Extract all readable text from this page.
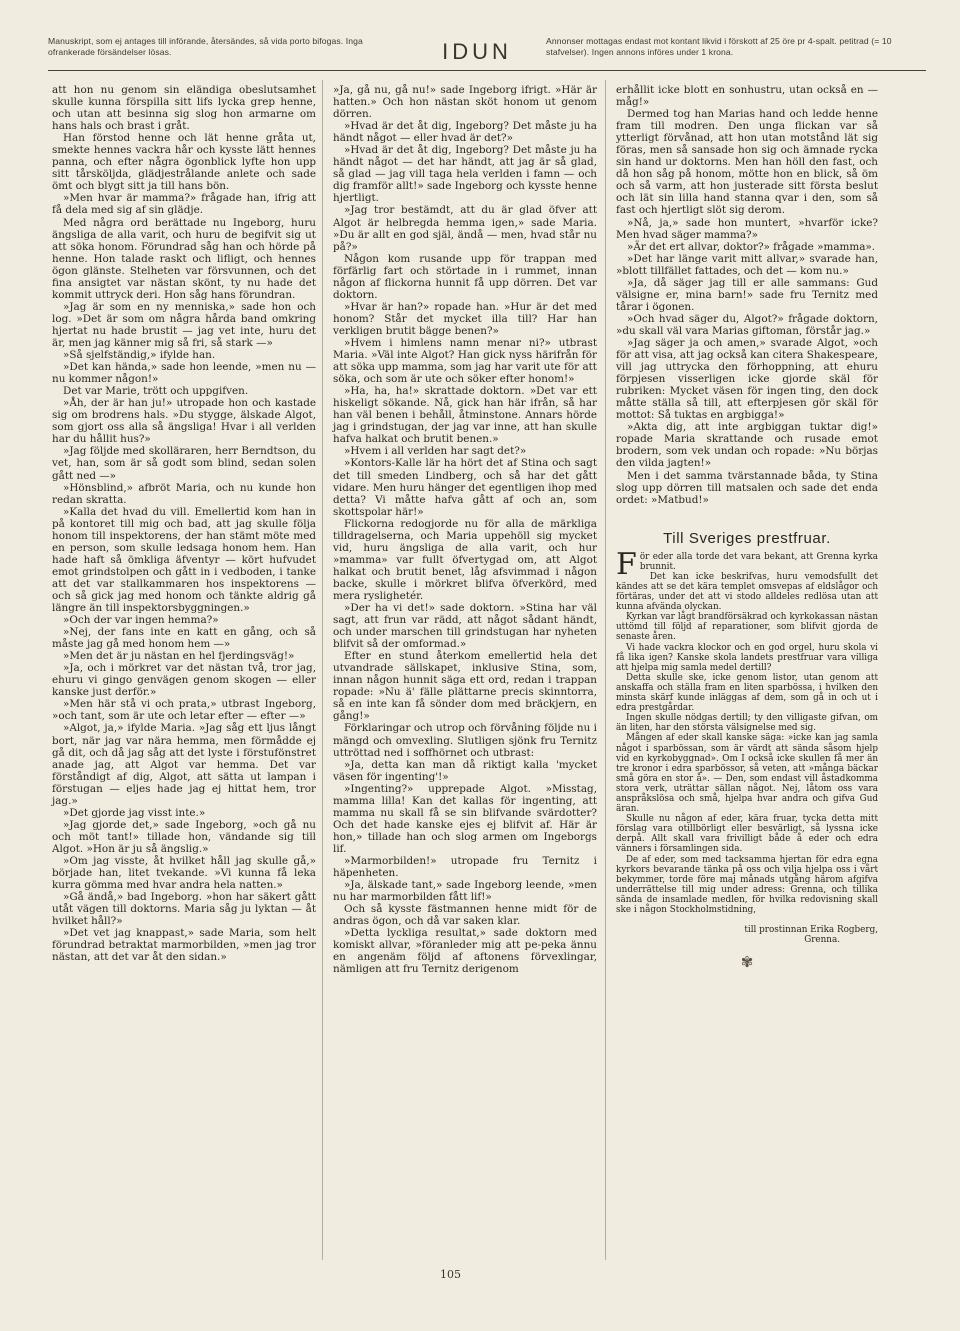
Manuskript, som ej antages till införande, återsändes, så vida porto bifogas. Inga ofrankerade försändelser lösas.	IDUN	Annonser mottagas endast mot kontant likvid i förskott af 25 öre pr 4-spalt. petitrad (= 10 stafvelser). Ingen annons införes under 1 krona.

att hon nu genom sin eländiga obeslutsamhet skulle kunna förspilla sitt lifs lycka grep henne, och utan att besinna sig slog hon armarne om hans hals och brast i gråt.

Han förstod henne och lät henne gråta ut, smekte hennes vackra hår och kysste lätt hennes panna, och efter några ögonblick lyfte hon upp sitt tårsköljda, glädjestrålande anlete och sade ömt och blygt sitt ja till hans bön.

»Men hvar är mamma?» frågade han, ifrig att få dela med sig af sin glädje.

Med några ord berättade nu Ingeborg, huru ängsliga de alla varit, och huru de begifvit sig ut att söka honom. Förundrad såg han och hörde på henne. Hon talade raskt och lifligt, och hennes ögon glänste. Stelheten var försvunnen, och det fina ansigtet var nästan skönt, ty nu hade det kommit uttryck deri. Hon såg hans förundran.

»Jag är som en ny menniska,» sade hon och log. »Det är som om några hårda band omkring hjertat nu hade brustit — jag vet inte, huru det är, men jag känner mig så fri, så stark —»

»Så sjelfständig,» ifylde han.

»Det kan hända,» sade hon leende, »men nu — nu kommer någon!»

Det var Marie, trött och uppgifven.

»Åh, der är han ju!» utropade hon och kastade sig om brodrens hals. »Du stygge, älskade Algot, som gjort oss alla så ängsliga! Hvar i all verlden har du hållit hus?»

»Jag följde med skolläraren, herr Berndtson, du vet, han, som är så godt som blind, sedan solen gått ned —»

»Hönsblind,» afbröt Maria, och nu kunde hon redan skratta.

»Kalla det hvad du vill. Emellertid kom han in på kontoret till mig och bad, att jag skulle följa honom till inspektorens, der han stämt möte med en person, som skulle ledsaga honom hem. Han hade haft så ömkliga äfventyr — kört hufvudet emot grindstolpen och gått in i vedboden, i tanke att det var stallkammaren hos inspektorens — och så gick jag med honom och tänkte aldrig gå längre än till inspektorsbyggningen.»

»Och der var ingen hemma?»

»Nej, der fans inte en katt en gång, och så måste jag gå med honom hem —»

»Men det är ju nästan en hel fjerdingsväg!»

»Ja, och i mörkret var det nästan två, tror jag, ehuru vi gingo genvägen genom skogen — eller kanske just derför.»

»Men här stå vi och prata,» utbrast Ingeborg, »och tant, som är ute och letar efter — efter —»

»Algot, ja,» ifylde Maria. »Jag såg ett ljus långt bort, när jag var nära hemma, men förmådde ej gå dit, och då jag såg att det lyste i förstufönstret anade jag, att Algot var hemma. Det var förståndigt af dig, Algot, att sätta ut lampan i förstugan — eljes hade jag ej hittat hem, tror jag.»

»Det gjorde jag visst inte.»

»Jag gjorde det,» sade Ingeborg, »och gå nu och möt tant!» tillade hon, vändande sig till Algot. »Hon är ju så ängslig.»

»Om jag visste, åt hvilket håll jag skulle gå,» började han, litet tvekande. »Vi kunna få leka kurra gömma med hvar andra hela natten.»

»Gå ändå,» bad Ingeborg. »hon har säkert gått utåt vägen till doktorns. Maria såg ju lyktan — åt hvilket håll?»

»Det vet jag knappast,» sade Maria, som helt förundrad betraktat marmorbilden, »men jag tror nästan, att det var åt den sidan.»

»Ja, gå nu, gå nu!» sade Ingeborg ifrigt. »Här är hatten.» Och hon nästan sköt honom ut genom dörren.

»Hvad är det åt dig, Ingeborg? Det måste ju ha händt något — eller hvad är det?»

»Hvad är det åt dig, Ingeborg? Det måste ju ha händt något — det har händt, att jag är så glad, så glad — jag vill taga hela verlden i famn — och dig framför allt!» sade Ingeborg och kysste henne hjertligt.

»Jag tror bestämdt, att du är glad öfver att Algot är helbregda hemma igen,» sade Maria. »Du är allt en god själ, ändå — men, hvad står nu på?»

Någon kom rusande upp för trappan med förfärlig fart och störtade in i rummet, innan någon af flickorna hunnit få upp dörren. Det var doktorn.

»Hvar är han?» ropade han. »Hur är det med honom? Står det mycket illa till? Har han verkligen brutit bägge benen?»

»Hvem i himlens namn menar ni?» utbrast Maria. »Väl inte Algot? Han gick nyss härifrån för att söka upp mamma, som jag har varit ute för att söka, och som är ute och söker efter honom!»

»Ha, ha, ha!» skrattade doktorn. »Det var ett hiskeligt sökande. Nå, gick han här ifrån, så har han väl benen i behåll, åtminstone. Annars hörde jag i grindstugan, der jag var inne, att han skulle hafva halkat och brutit benen.»

»Hvem i all verlden har sagt det?»

»Kontors-Kalle lär ha hört det af Stina och sagt det till smeden Lindberg, och så har det gått vidare. Men huru hänger det egentligen ihop med detta? Vi måtte hafva gått af och an, som skottspolar här!»

Flickorna redogjorde nu för alla de märkliga tilldragelserna, och Maria uppehöll sig mycket vid, huru ängsliga de alla varit, och hur »mamma» var fullt öfvertygad om, att Algot halkat och brutit benet, låg afsvimmad i någon backe, skulle i mörkret blifva öfverkörd, med mera ryslighetér.

»Der ha vi det!» sade doktorn. »Stina har väl sagt, att frun var rädd, att något sådant händt, och under marschen till grindstugan har nyheten blifvit så der omformad.»

Efter en stund återkom emellertid hela det utvandrade sällskapet, inklusive Stina, som, innan någon hunnit säga ett ord, redan i trappan ropade: »Nu ä' fälle plättarne precis skinntorra, så en inte kan få sönder dom med bräckjern, en gång!»

Förklaringar och utrop och förvåning följde nu i mängd och omvexling. Slutligen sjönk fru Ternitz uttröttad ned i soffhörnet och utbrast:

»Ja, detta kan man då riktigt kalla 'mycket väsen för ingenting'!»

»Ingenting?» upprepade Algot. »Misstag, mamma lilla! Kan det kallas för ingenting, att mamma nu skall få se sin blifvande svärdotter? Och det hade kanske ejes ej blifvit af. Här är hon,» tillade han och slog armen om Ingeborgs lif.

»Marmorbilden!» utropade fru Ternitz i häpenheten.

»Ja, älskade tant,» sade Ingeborg leende, »men nu har marmorbilden fått lif!»

Och så kysste fästmannen henne midt för de andras ögon, och då var saken klar.

»Detta lyckliga resultat,» sade doktorn med komiskt allvar, »föranleder mig att pe-peka ännu en angenäm följd af aftonens förvexlingar, nämligen att fru Ternitz derigenom

erhållit icke blott en sonhustru, utan också en — måg!»

Dermed tog han Marias hand och ledde henne fram till modren. Den unga flickan var så ytterligt förvånad, att hon utan motstånd lät sig föras, men så sansade hon sig och ämnade rycka sin hand ur doktorns. Men han höll den fast, och då hon såg på honom, mötte hon en blick, så öm och så varm, att hon justerade sitt första beslut och lät sin lilla hand stanna qvar i den, som så fast och hjertligt slöt sig derom.

»Nå, ja,» sade hon muntert, »hvarför icke? Men hvad säger mamma?»

»Är det ert allvar, doktor?» frågade »mamma».

»Det har länge varit mitt allvar,» svarade han, »blott tillfället fattades, och det — kom nu.»

»Ja, då säger jag till er alle sammans: Gud välsigne er, mina barn!» sade fru Ternitz med tårar i ögonen.

»Och hvad säger du, Algot?» frågade doktorn, »du skall väl vara Marias giftoman, förstår jag.»

»Jag säger ja och amen,» svarade Algot, »och för att visa, att jag också kan citera Shakespeare, vill jag uttrycka den förhoppning, att ehuru förpjesen visserligen icke gjorde skäl för rubriken: Mycket väsen för ingen ting, den dock måtte ställa så till, att efterpjesen gör skäl för mottot: Så tuktas en argbigga!»

»Akta dig, att inte argbiggan tuktar dig!» ropade Maria skrattande och rusade emot brodern, som vek undan och ropade: »Nu börjas den vilda jagten!»

Men i det samma tvärstannade båda, ty Stina slog upp dörren till matsalen och sade det enda ordet: »Matbud!»

Till Sveriges prestfruar.
F ör eder alla torde det vara bekant, att Grenna kyrka brunnit.

Det kan icke beskrifvas, huru vemodsfullt det kändes att se det kära templet omsvepas af eldslågor och förtäras, under det att vi stodo alldeles redlösa utan att kunna afvända olyckan.

Kyrkan var lågt brandförsäkrad och kyrkokassan nästan uttömd till följd af reparationer, som blifvit gjorda de senaste åren.

Vi hade vackra klockor och en god orgel, huru skola vi få lika igen? Kanske skola landets prestfruar vara villiga att hjelpa mig samla medel dertill?

Detta skulle ske, icke genom listor, utan genom att anskaffa och ställa fram en liten sparbössa, i hvilken den minsta skärf kunde inläggas af dem, som gå in och ut i edra prestgårdar.

Ingen skulle nödgas dertill; ty den villigaste gifvan, om än liten, har den största välsignelse med sig.

Mången af eder skall kanske säga: »icke kan jag samla något i sparbössan, som är värdt att sända såsom hjelp vid en kyrkobyggnad». Om I också icke skullen få mer än tre kronor i edra sparbössor, så veten, att »många bäckar små göra en stor å». — Den, som endast vill åstadkomma stora verk, uträttar sällan något. Nej, låtom oss vara anspråkslösa och små, hjelpa hvar andra och gifva Gud äran.

Skulle nu någon af eder, kära fruar, tycka detta mitt förslag vara otillbörligt eller besvärligt, så lyssna icke derpå. Allt skall vara frivilligt både å eder och edra vänners i församlingen sida.

De af eder, som med tacksamma hjertan för edra egna kyrkors bevarande tänka på oss och vilja hjelpa oss i vårt bekymmer, torde före maj månads utgång härom afgifva underrättelse till mig under adress: Grenna, och tillika sända de insamlade medlen, för hvilka redovisning skall ske i någon Stockholmstidning,

till prostinnan Erika Rogberg,
Grenna.
✾
105
